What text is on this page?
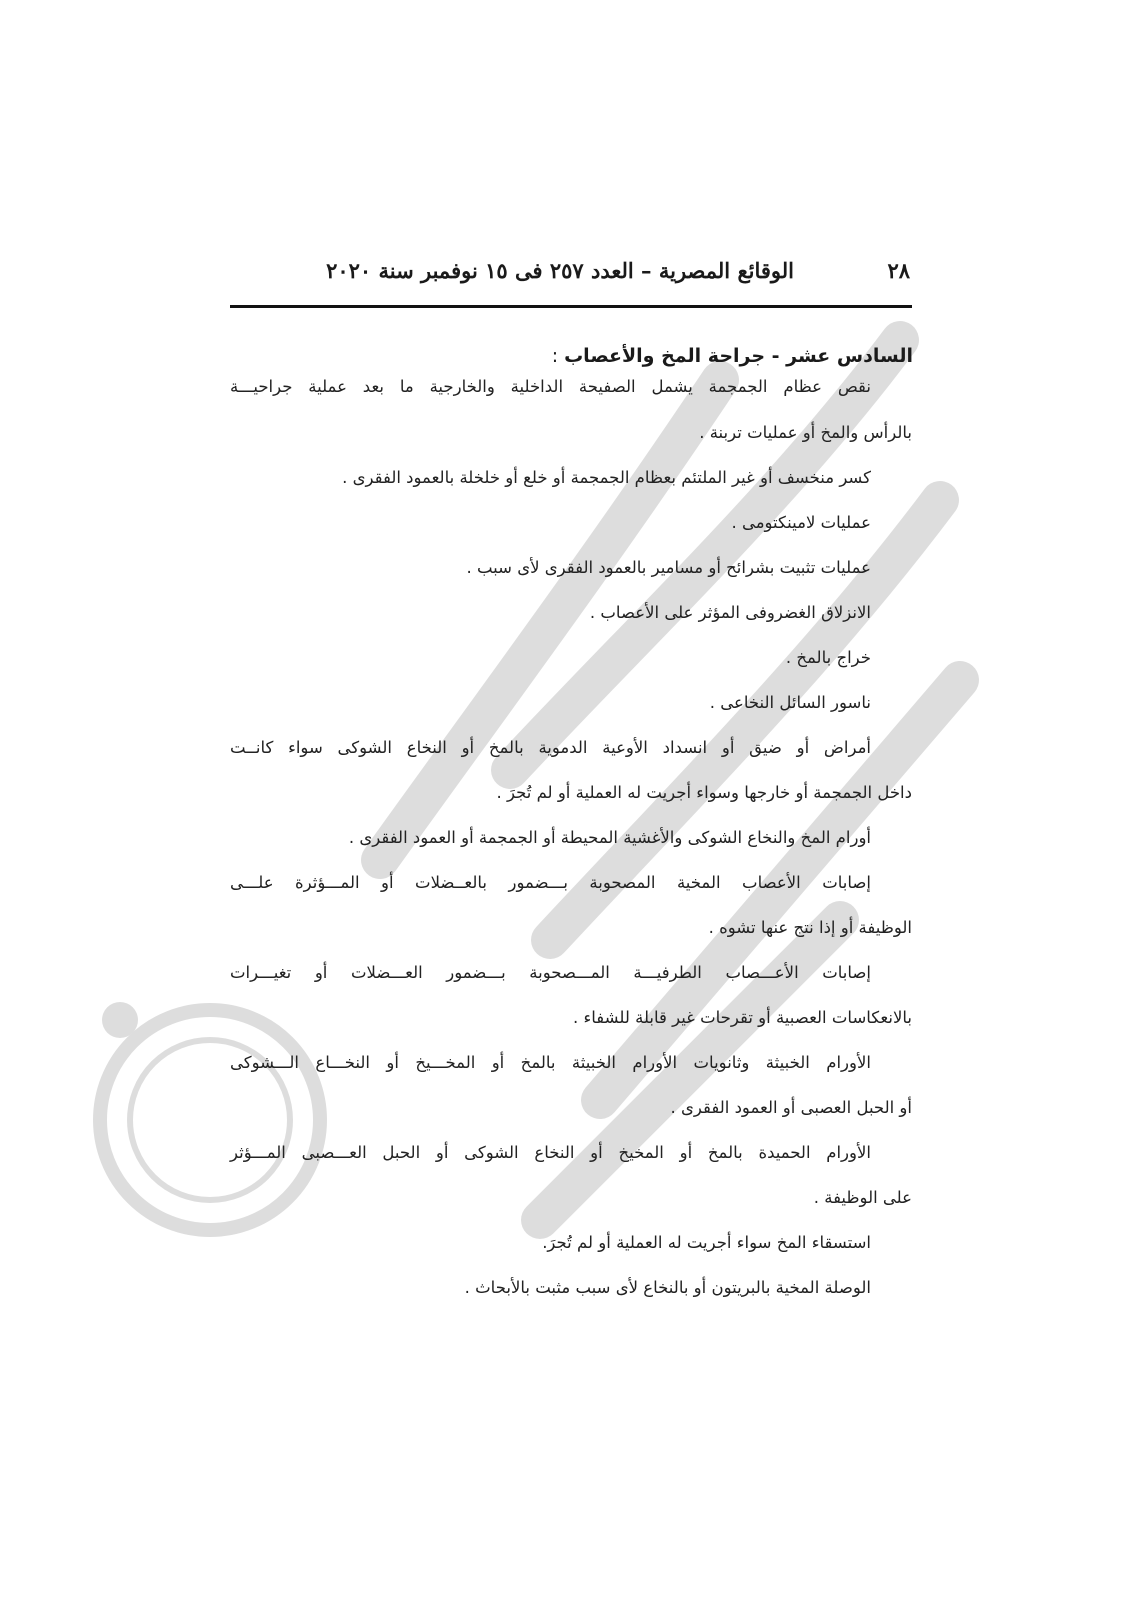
٢٨
الوقائع المصرية – العدد ٢٥٧ فى ١٥ نوفمبر سنة ٢٠٢٠
السادس عشر - جراحة المخ والأعصاب:
نقص عظام الجمجمة يشمل الصفيحة الداخلية والخارجية ما بعد عملية جراحيـــة
بالرأس والمخ أو عمليات تربنة .
كسر منخسف أو غير الملتئم بعظام الجمجمة أو خلع أو خلخلة بالعمود الفقرى .
عمليات لامينكتومى .
عمليات تثبيت بشرائح أو مسامير بالعمود الفقرى لأى سبب .
الانزلاق الغضروفى المؤثر على الأعصاب .
خراج بالمخ .
ناسور السائل النخاعى .
أمراض أو ضيق أو انسداد الأوعية الدموية بالمخ أو النخاع الشوكى سواء كانــت
داخل الجمجمة أو خارجها وسواء أجريت له العملية أو لم تُجرَ .
أورام المخ والنخاع الشوكى والأغشية المحيطة أو الجمجمة أو العمود الفقرى .
إصابات الأعصاب المخية المصحوبة بـــضمور بالعــضلات أو المـــؤثرة علـــى
الوظيفة أو إذا نتج عنها تشوه .
إصابات الأعـــصاب الطرفيـــة المـــصحوبة بـــضمور العـــضلات أو تغيـــرات
بالانعكاسات العصبية أو تقرحات غير قابلة للشفاء .
الأورام الخبيثة وثانويات الأورام الخبيثة بالمخ أو المخـــيخ أو النخـــاع الـــشوكى
أو الحبل العصبى أو العمود الفقرى .
الأورام الحميدة بالمخ أو المخيخ أو النخاع الشوكى أو الحبل العـــصبى المـــؤثر
على الوظيفة .
استسقاء المخ سواء أجريت له العملية أو لم تُجرَ.
الوصلة المخية بالبريتون أو بالنخاع لأى سبب مثبت بالأبحاث .
